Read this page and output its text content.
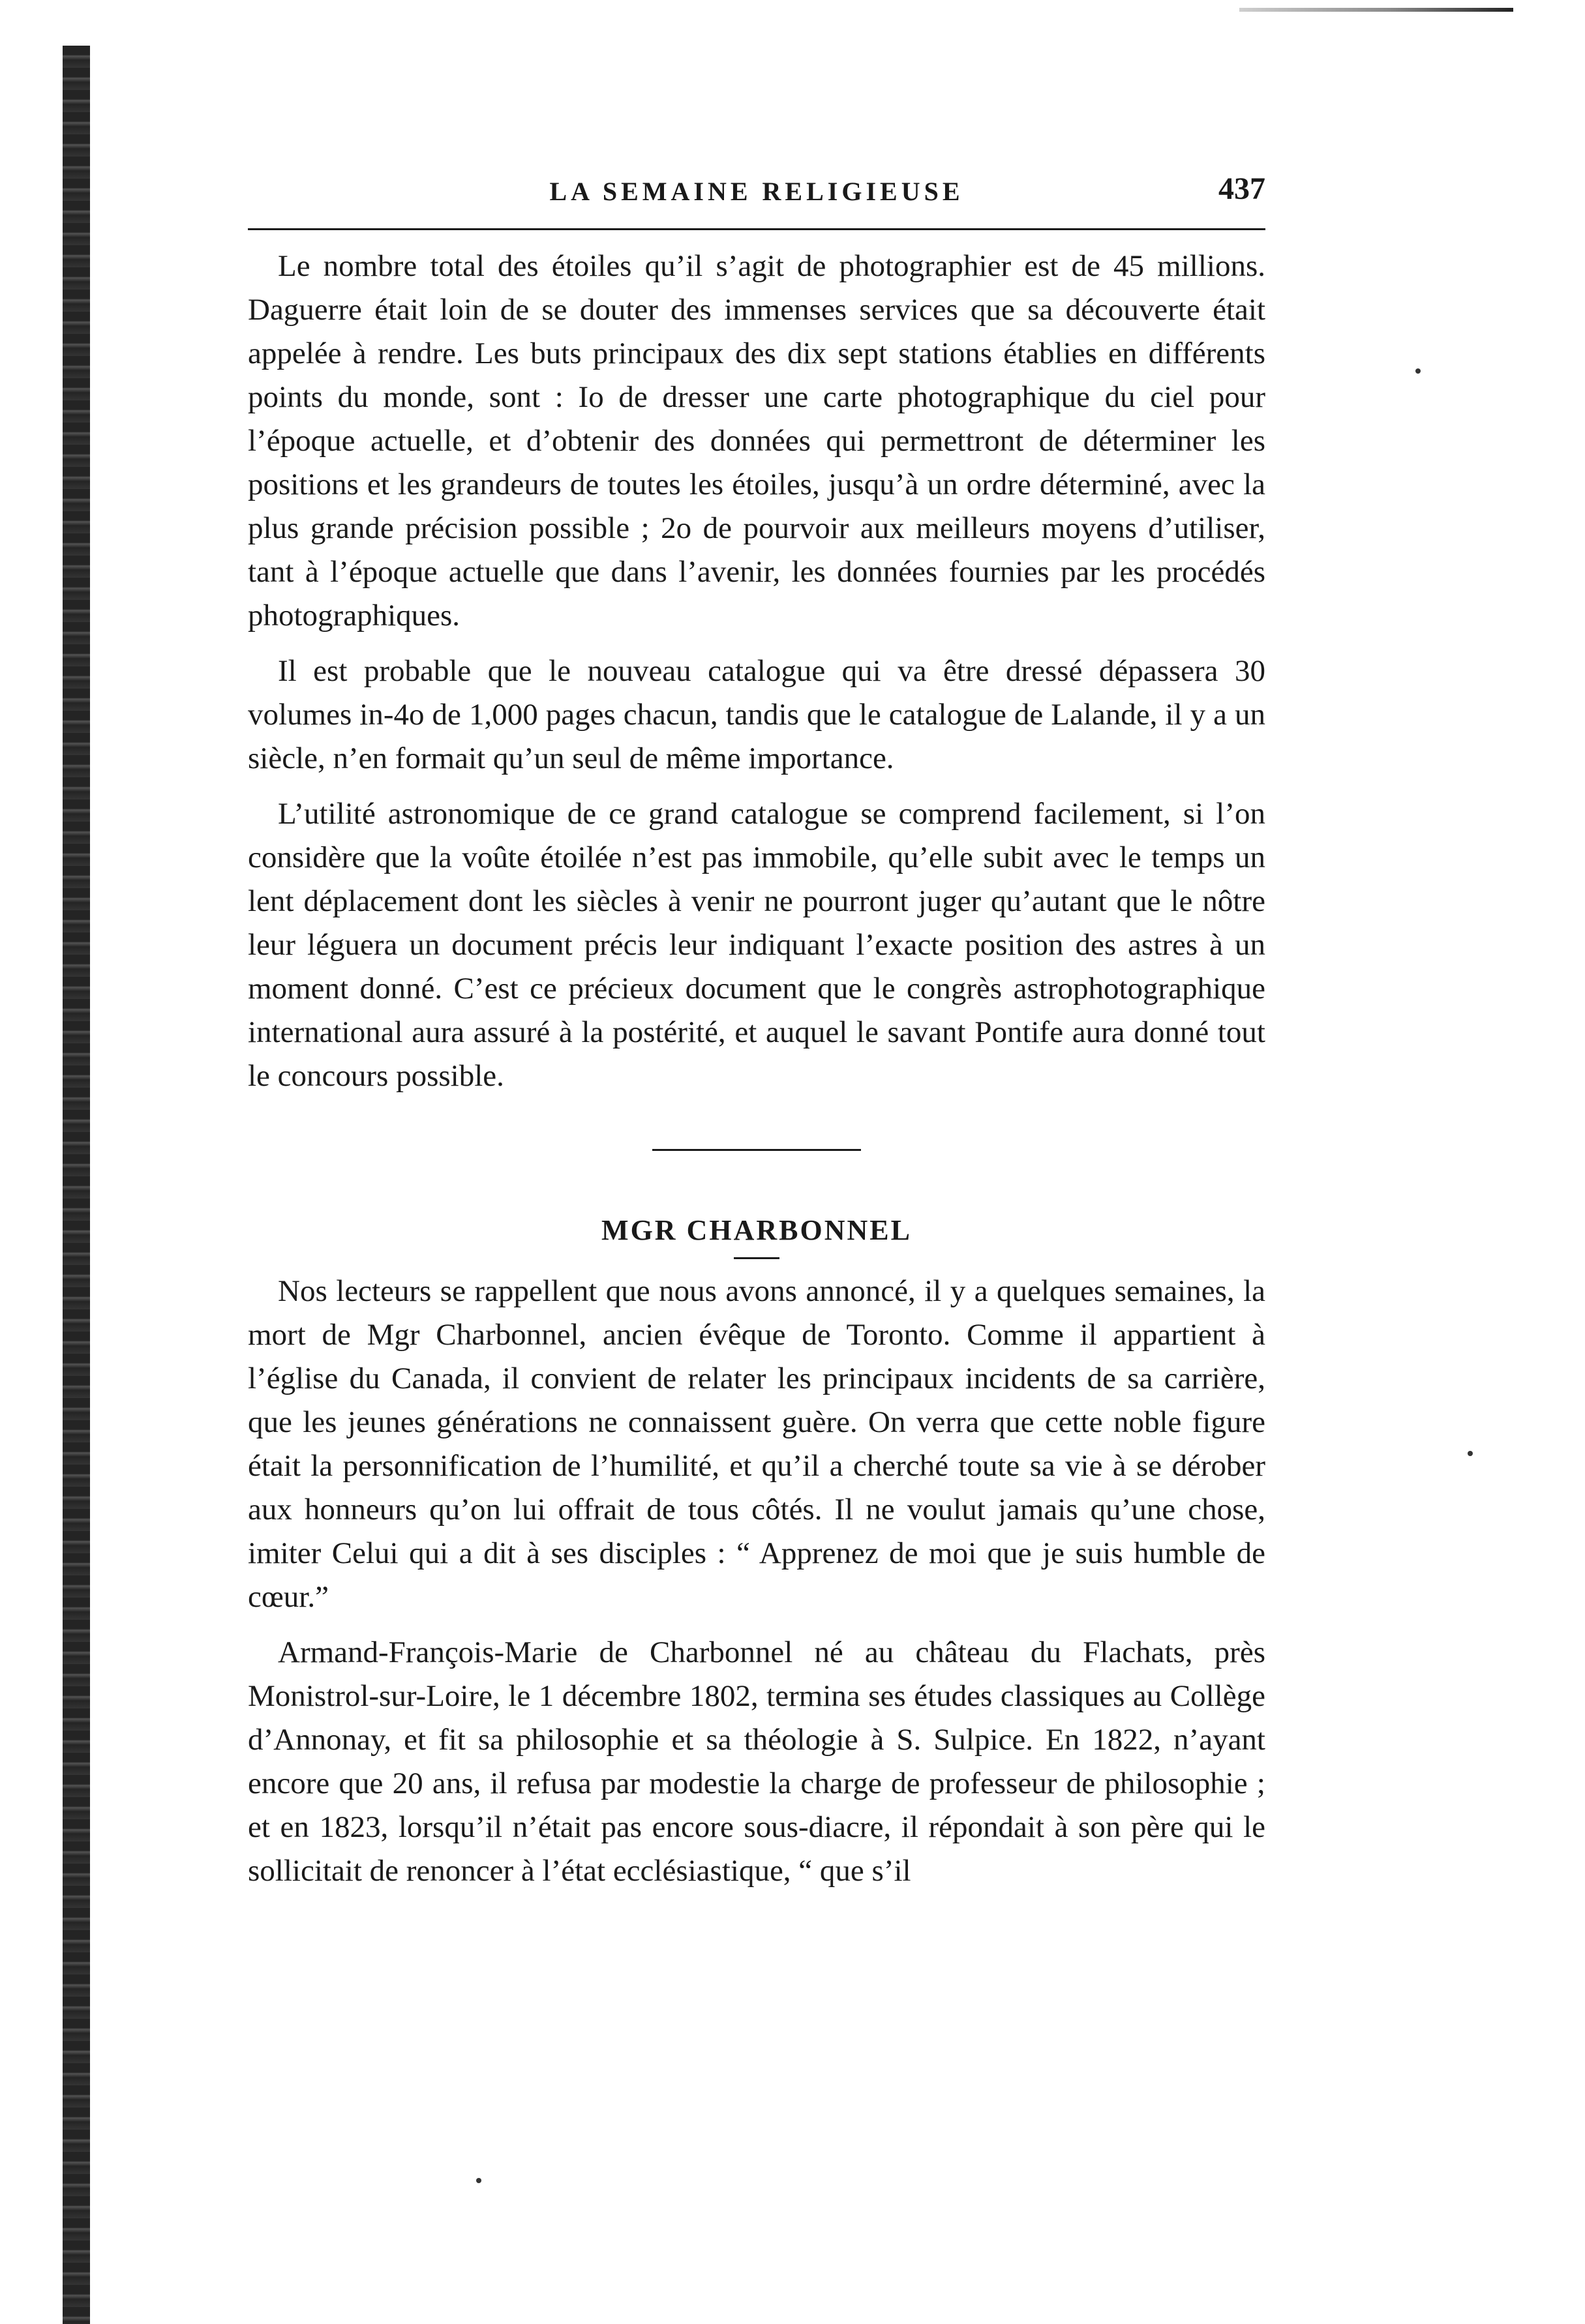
LA SEMAINE RELIGIEUSE	437

Le nombre total des étoiles qu’il s’agit de photographier est de 45 millions. Daguerre était loin de se douter des immenses services que sa découverte était appelée à rendre. Les buts principaux des dix sept stations établies en différents points du monde, sont : Io de dresser une carte photographique du ciel pour l’époque actuelle, et d’obtenir des données qui permettront de déterminer les positions et les grandeurs de toutes les étoiles, jusqu’à un ordre déterminé, avec la plus grande précision possible ; 2o de pourvoir aux meilleurs moyens d’utiliser, tant à l’époque actuelle que dans l’avenir, les données fournies par les procédés photographiques.

Il est probable que le nouveau catalogue qui va être dressé dépassera 30 volumes in-4o de 1,000 pages chacun, tandis que le catalogue de Lalande, il y a un siècle, n’en formait qu’un seul de même importance.

L’utilité astronomique de ce grand catalogue se comprend facilement, si l’on considère que la voûte étoilée n’est pas immobile, qu’elle subit avec le temps un lent déplacement dont les siècles à venir ne pourront juger qu’autant que le nôtre leur léguera un document précis leur indiquant l’exacte position des astres à un moment donné. C’est ce précieux document que le congrès astrophotographique international aura assuré à la postérité, et auquel le savant Pontife aura donné tout le concours possible.

MGR CHARBONNEL

Nos lecteurs se rappellent que nous avons annoncé, il y a quelques semaines, la mort de Mgr Charbonnel, ancien évêque de Toronto. Comme il appartient à l’église du Canada, il convient de relater les principaux incidents de sa carrière, que les jeunes générations ne connaissent guère. On verra que cette noble figure était la personnification de l’humilité, et qu’il a cherché toute sa vie à se dérober aux honneurs qu’on lui offrait de tous côtés. Il ne voulut jamais qu’une chose, imiter Celui qui a dit à ses disciples : “ Apprenez de moi que je suis humble de cœur.”

Armand-François-Marie de Charbonnel né au château du Flachats, près Monistrol-sur-Loire, le 1 décembre 1802, termina ses études classiques au Collège d’Annonay, et fit sa philosophie et sa théologie à S. Sulpice. En 1822, n’ayant encore que 20 ans, il refusa par modestie la charge de professeur de philosophie ; et en 1823, lorsqu’il n’était pas encore sous-diacre, il répondait à son père qui le sollicitait de renoncer à l’état ecclésiastique, “ que s’il
